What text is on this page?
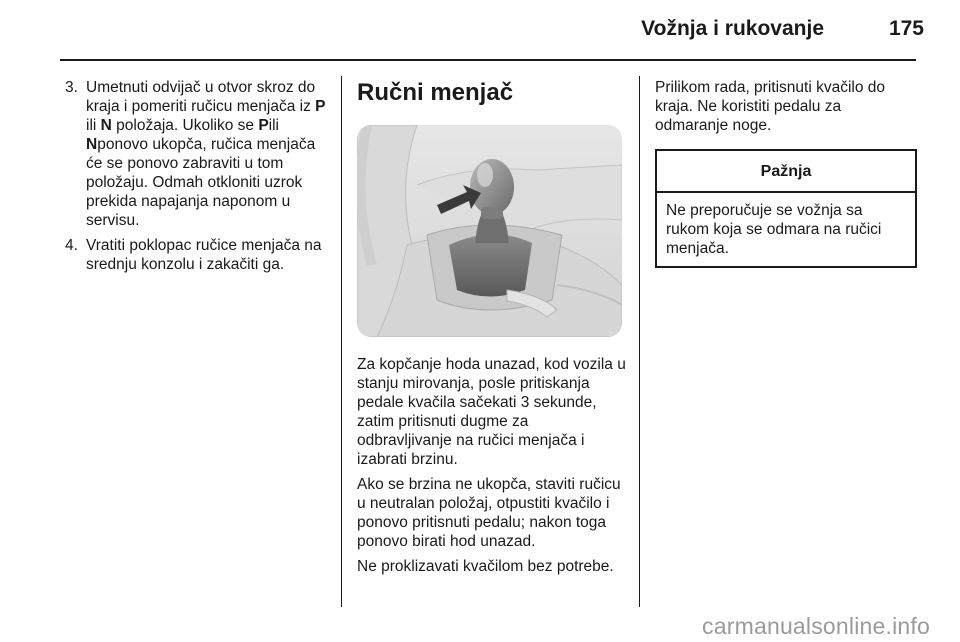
Vožnja i rukovanje	175
3. Umetnuti odvijač u otvor skroz do kraja i pomeriti ručicu menjača iz P ili N položaja. Ukoliko se Pili Nponovo ukopča, ručica menjača će se ponovo zabraviti u tom položaju. Odmah otkloniti uzrok prekida napajanja naponom u servisu.
4. Vratiti poklopac ručice menjača na srednju konzolu i zakačiti ga.
Ručni menjač

Za kopčanje hoda unazad, kod vozila u stanju mirovanja, posle pritiskanja pedale kvačila sačekati 3 sekunde, zatim pritisnuti dugme za odbravljivanje na ručici menjača i izabrati brzinu.

Ako se brzina ne ukopča, staviti ručicu u neutralan položaj, otpustiti kvačilo i ponovo pritisnuti pedalu; nakon toga ponovo birati hod unazad.

Ne proklizavati kvačilom bez potrebe.

Prilikom rada, pritisnuti kvačilo do kraja. Ne koristiti pedalu za odmaranje noge.

Pažnja
Ne preporučuje se vožnja sa rukom koja se odmara na ručici menjača.
carmanualsonline.info
